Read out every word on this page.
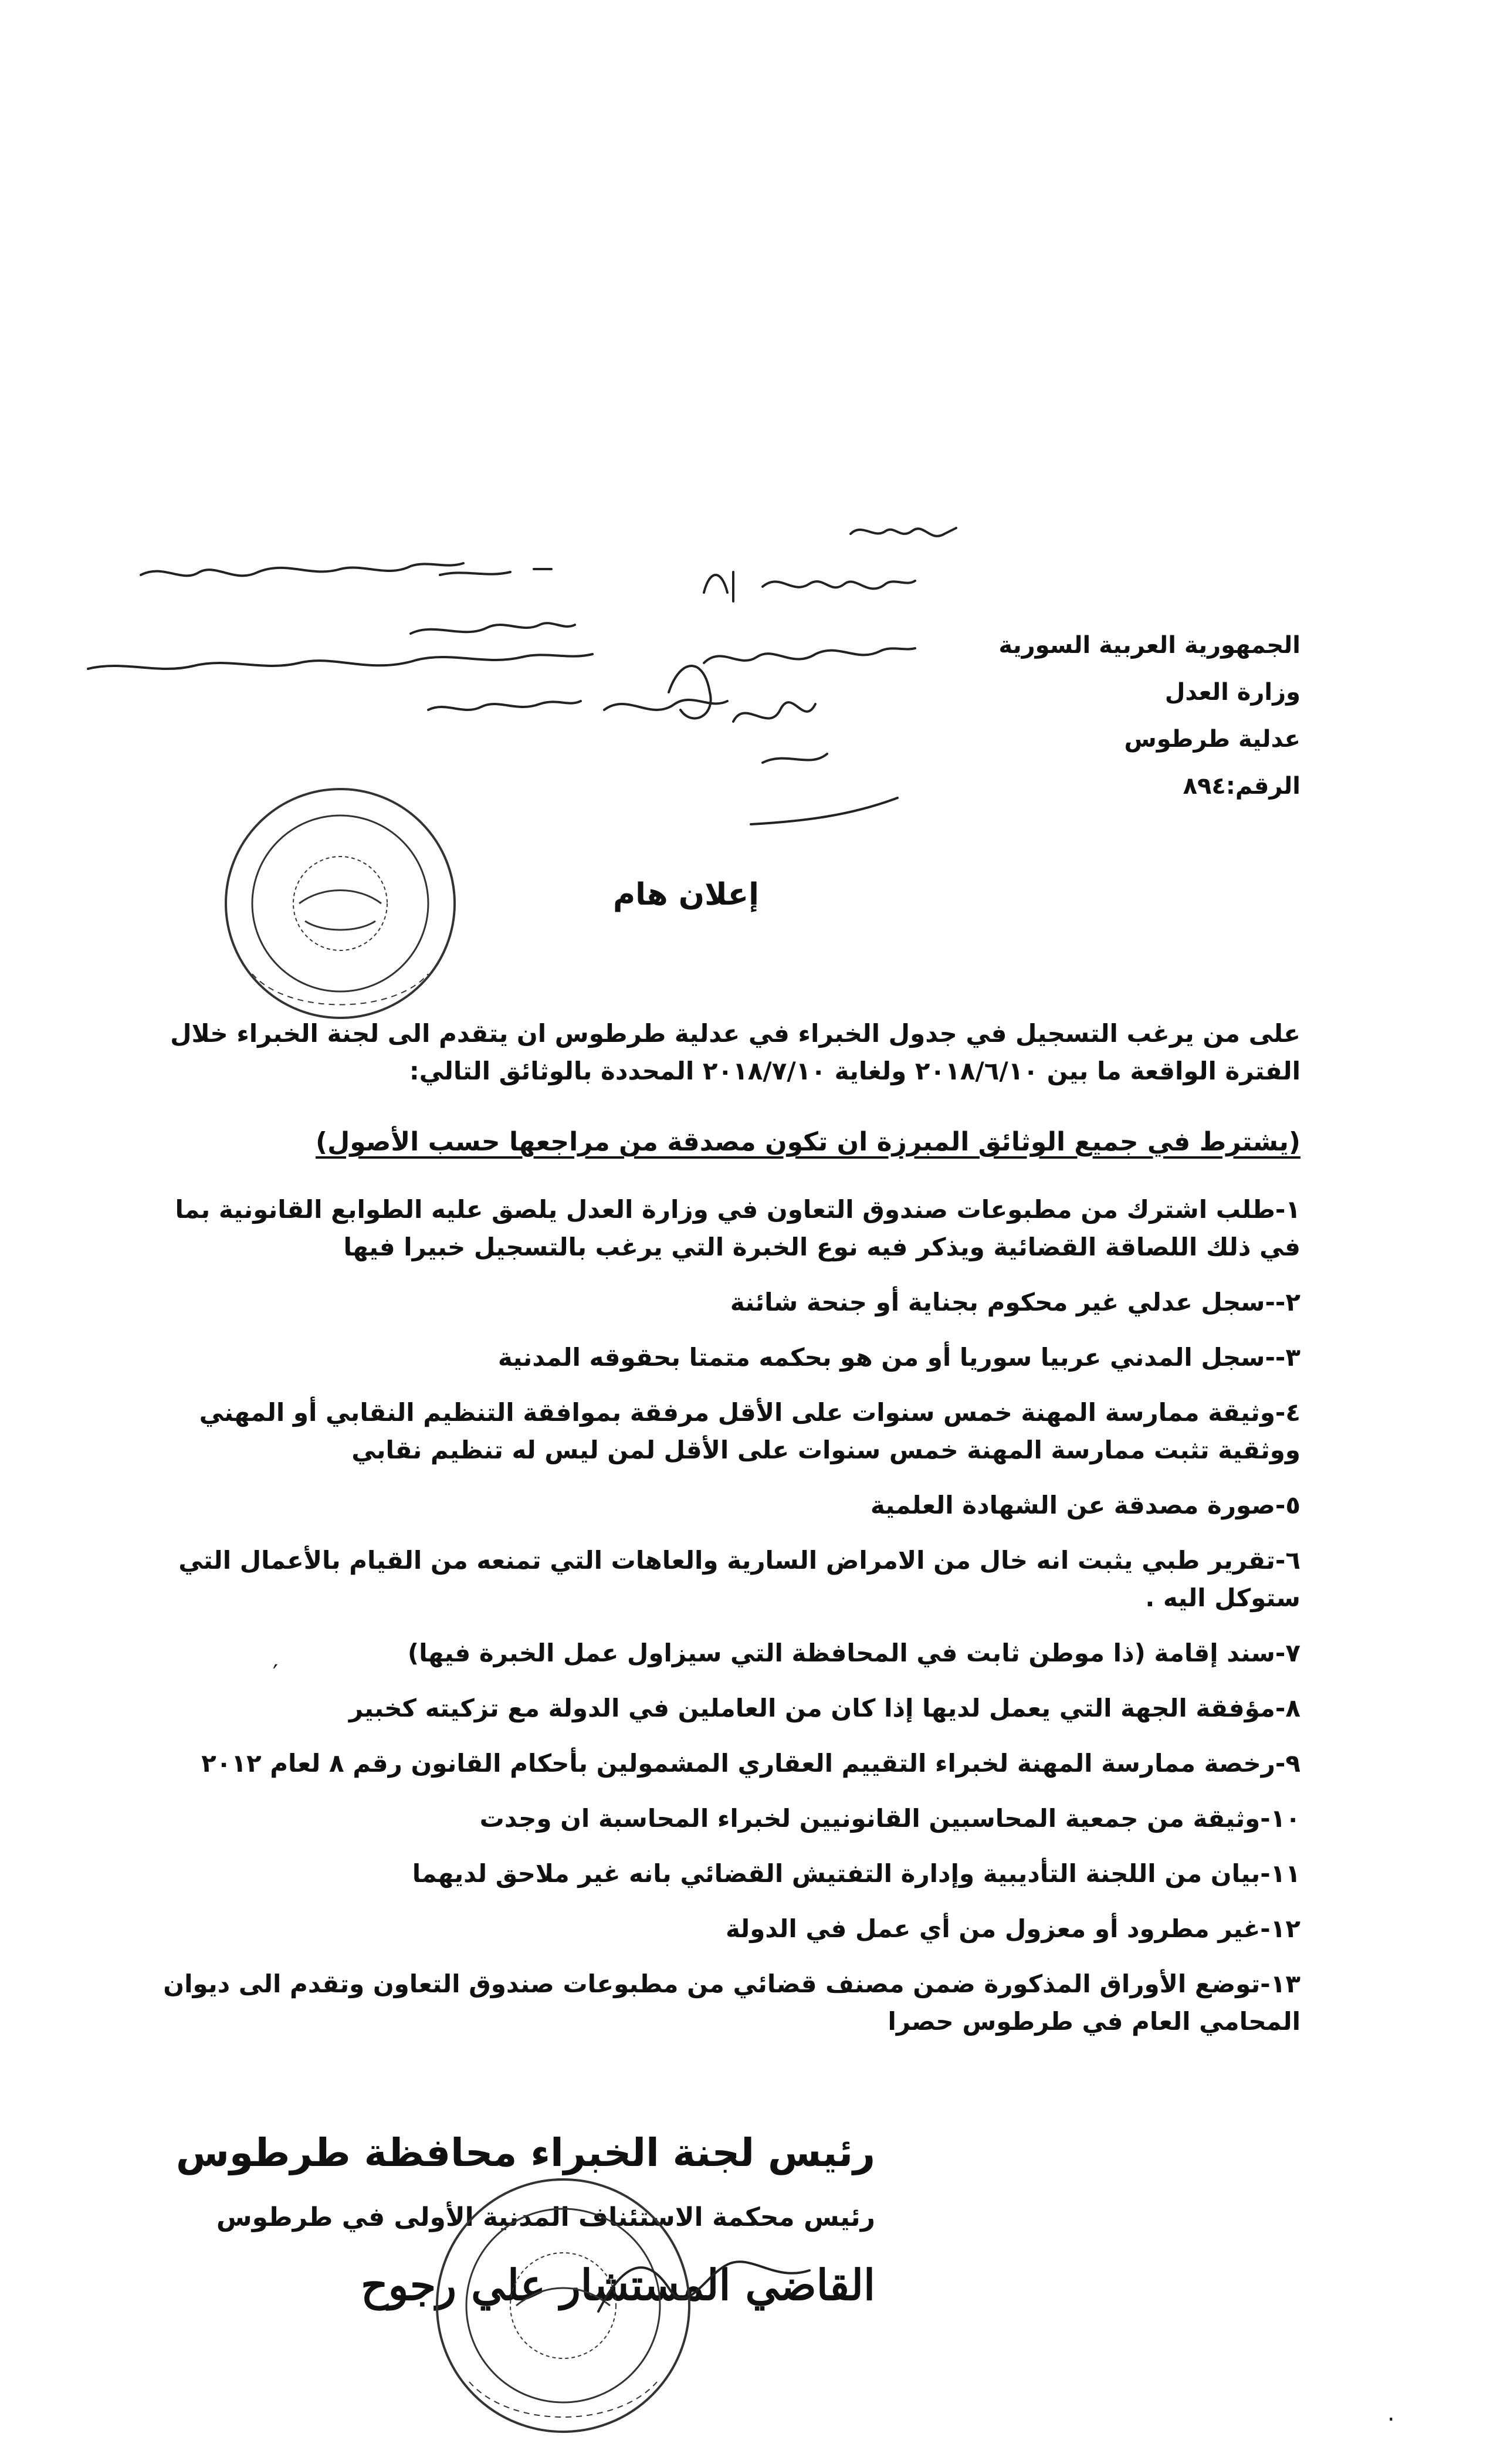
الجمهورية العربية السورية
وزارة العدل
عدلية طرطوس
الرقم:٨٩٤
إعلان هام
على من يرغب التسجيل في جدول الخبراء في عدلية طرطوس ان يتقدم الى لجنة الخبراء خلال الفترة الواقعة ما بين ٢٠١٨/٦/١٠ ولغاية ٢٠١٨/٧/١٠ المحددة بالوثائق التالي:
(يشترط في جميع الوثائق المبرزة ان تكون مصدقة من مراجعها حسب الأصول)
١-طلب اشترك من مطبوعات صندوق التعاون في وزارة العدل يلصق عليه الطوابع القانونية بما في ذلك اللصاقة القضائية ويذكر فيه نوع الخبرة التي يرغب بالتسجيل خبيرا فيها
٢--سجل عدلي غير محكوم بجناية أو جنحة شائنة
٣--سجل المدني عربيا سوريا أو من هو بحكمه متمتا بحقوقه المدنية
٤-وثيقة ممارسة المهنة خمس سنوات على الأقل مرفقة بموافقة التنظيم النقابي أو المهني ووثقية تثبت ممارسة المهنة خمس سنوات على الأقل لمن ليس له تنظيم نقابي
٥-صورة مصدقة عن الشهادة العلمية
٦-تقرير طبي يثبت انه خال من الامراض السارية والعاهات التي تمنعه من القيام بالأعمال التي ستوكل اليه .
٧-سند إقامة (ذا موطن ثابت في المحافظة التي سيزاول عمل الخبرة فيها)
٨-مؤفقة الجهة التي يعمل لديها إذا كان من العاملين في الدولة مع تزكيته كخبير
٩-رخصة ممارسة المهنة لخبراء التقييم العقاري المشمولين بأحكام القانون رقم ٨ لعام ٢٠١٢
١٠-وثيقة من جمعية المحاسبين القانونيين لخبراء المحاسبة ان وجدت
١١-بيان من اللجنة التأديبية وإدارة التفتيش القضائي بانه غير ملاحق لديهما
١٢-غير مطرود أو معزول من أي عمل في الدولة
١٣-توضع الأوراق المذكورة ضمن مصنف قضائي من مطبوعات صندوق التعاون وتقدم الى ديوان المحامي العام في طرطوس حصرا
رئيس لجنة الخبراء محافظة طرطوس
رئيس محكمة الاستئناف المدنية الأولى في طرطوس
القاضي المستشار علي رجوح
′
.
